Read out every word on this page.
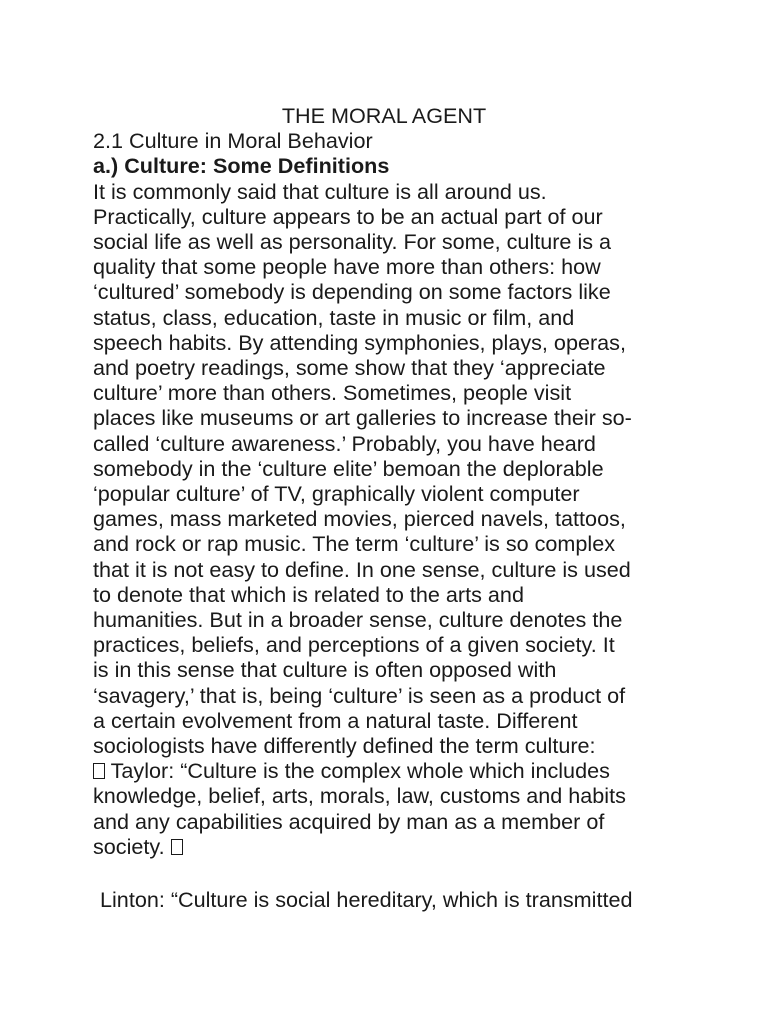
THE MORAL AGENT
2.1 Culture in Moral Behavior
a.) Culture: Some Definitions
It is commonly said that culture is all around us.
Practically, culture appears to be an actual part of our
social life as well as personality. For some, culture is a
quality that some people have more than others: how
‘cultured’ somebody is depending on some factors like
status, class, education, taste in music or film, and
speech habits. By attending symphonies, plays, operas,
and poetry readings, some show that they ‘appreciate
culture’ more than others. Sometimes, people visit
places like museums or art galleries to increase their so-
called ‘culture awareness.’ Probably, you have heard
somebody in the ‘culture elite’ bemoan the deplorable
‘popular culture’ of TV, graphically violent computer
games, mass marketed movies, pierced navels, tattoos,
and rock or rap music. The term ‘culture’ is so complex
that it is not easy to define. In one sense, culture is used
to denote that which is related to the arts and
humanities. But in a broader sense, culture denotes the
practices, beliefs, and perceptions of a given society. It
is in this sense that culture is often opposed with
‘savagery,’ that is, being ‘culture’ is seen as a product of
a certain evolvement from a natural taste. Different
sociologists have differently defined the term culture:
Taylor: “Culture is the complex whole which includes
knowledge, belief, arts, morals, law, customs and habits
and any capabilities acquired by man as a member of
society.
Linton: “Culture is social hereditary, which is transmitted
